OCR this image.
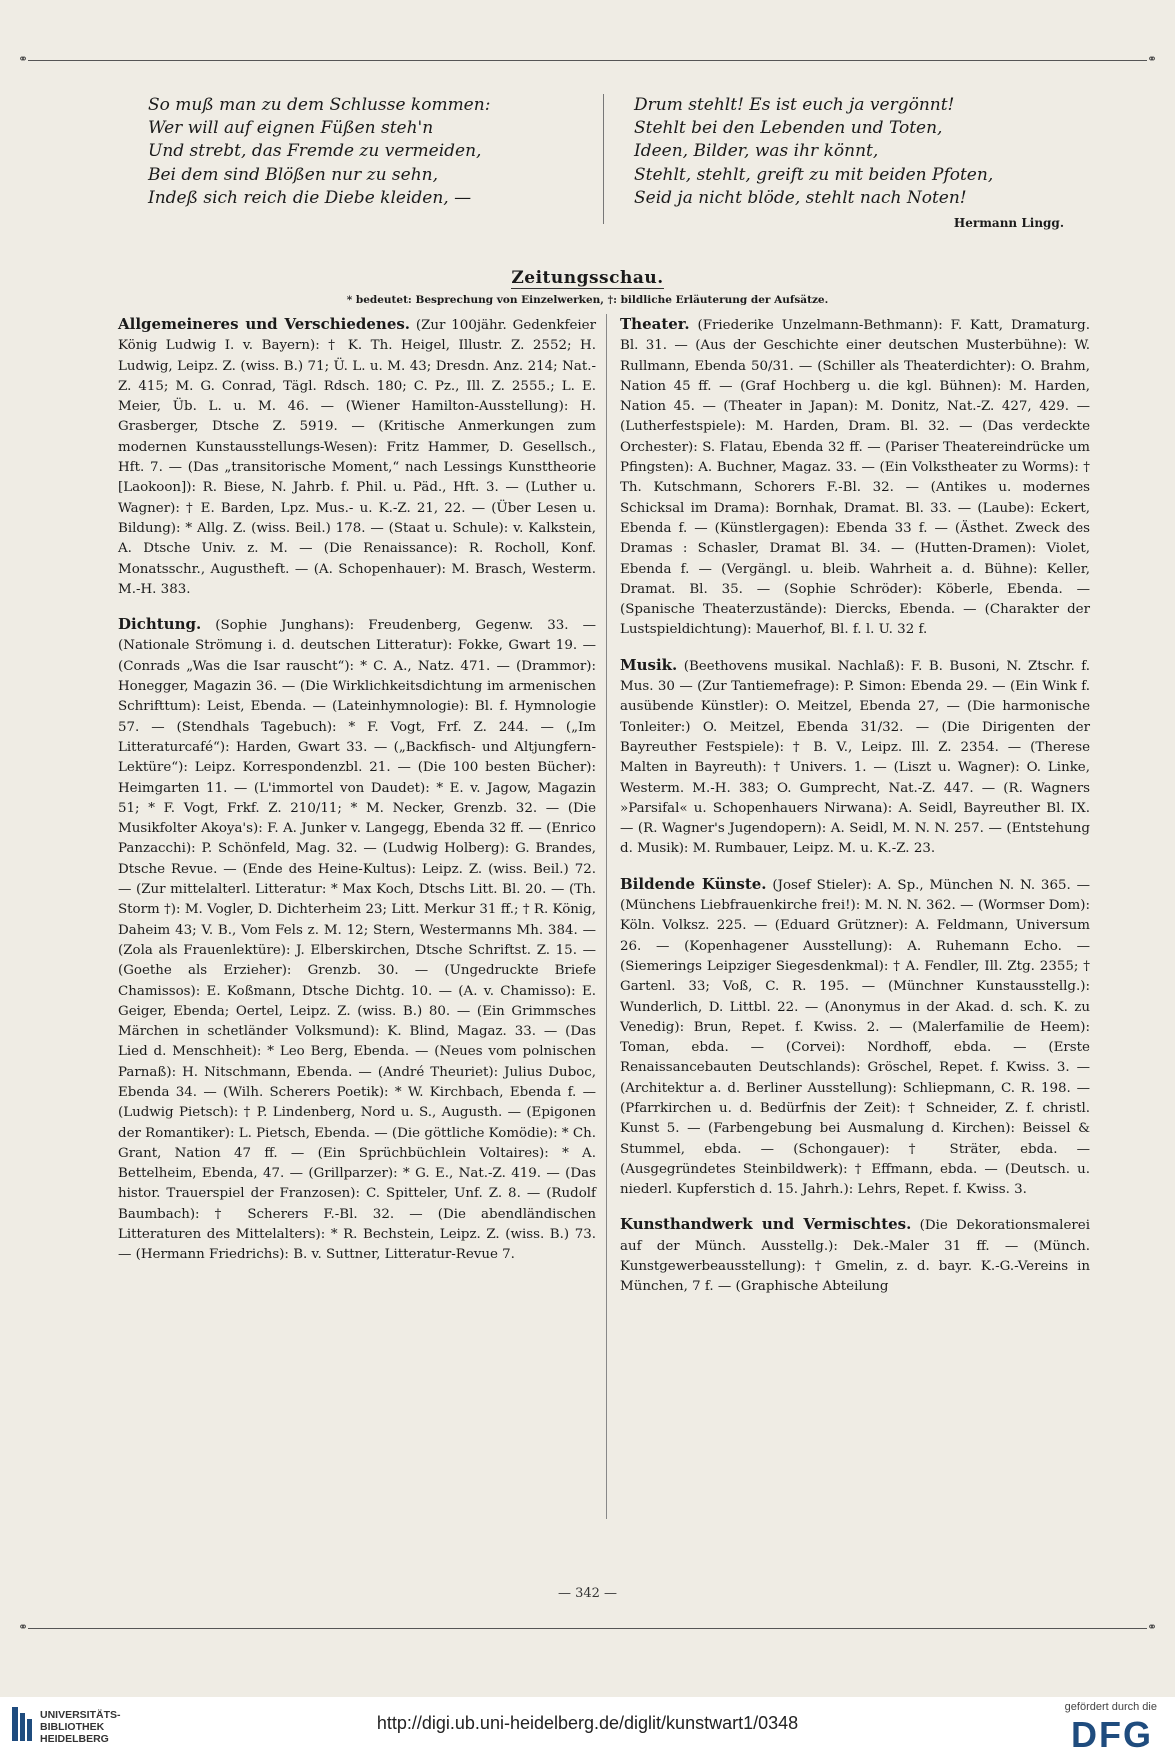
⚭	⚭
So muß man zu dem Schlusse kommen:
Wer will auf eignen Füßen steh'n
Und strebt, das Fremde zu vermeiden,
Bei dem sind Blößen nur zu sehn,
Indeß sich reich die Diebe kleiden, —
Drum stehlt! Es ist euch ja vergönnt!
Stehlt bei den Lebenden und Toten,
Ideen, Bilder, was ihr könnt,
Stehlt, stehlt, greift zu mit beiden Pfoten,
Seid ja nicht blöde, stehlt nach Noten!
Hermann Lingg.
Zeitungsschau.
* bedeutet: Besprechung von Einzelwerken, †: bildliche Erläuterung der Aufsätze.

Allgemeineres und Verschiedenes. (Zur 100jähr. Gedenkfeier König Ludwig I. v. Bayern): † K. Th. Heigel, Illustr. Z. 2552; H. Ludwig, Leipz. Z. (wiss. B.) 71; Ü. L. u. M. 43; Dresdn. Anz. 214; Nat.-Z. 415; M. G. Conrad, Tägl. Rdsch. 180; C. Pz., Ill. Z. 2555.; L. E. Meier, Üb. L. u. M. 46. — (Wiener Hamilton-Ausstellung): H. Grasberger, Dtsche Z. 5919. — (Kritische Anmerkungen zum modernen Kunstausstellungs-Wesen): Fritz Hammer, D. Gesellsch., Hft. 7. — (Das „transitorische Moment,“ nach Lessings Kunsttheorie [Laokoon]): R. Biese, N. Jahrb. f. Phil. u. Päd., Hft. 3. — (Luther u. Wagner): † E. Barden, Lpz. Mus.- u. K.-Z. 21, 22. — (Über Lesen u. Bildung): * Allg. Z. (wiss. Beil.) 178. — (Staat u. Schule): v. Kalkstein, A. Dtsche Univ. z. M. — (Die Renaissance): R. Rocholl, Konf. Monatsschr., Augustheft. — (A. Schopenhauer): M. Brasch, Westerm. M.-H. 383.

Dichtung. (Sophie Junghans): Freudenberg, Gegenw. 33. — (Nationale Strömung i. d. deutschen Litteratur): Fokke, Gwart 19. — (Conrads „Was die Isar rauscht“): * C. A., Natz. 471. — (Drammor): Honegger, Magazin 36. — (Die Wirklichkeitsdichtung im armenischen Schrifttum): Leist, Ebenda. — (Lateinhymnologie): Bl. f. Hymnologie 57. — (Stendhals Tagebuch): * F. Vogt, Frf. Z. 244. — („Im Litteraturcafé“): Harden, Gwart 33. — („Backfisch- und Altjungfern-Lektüre“): Leipz. Korrespondenzbl. 21. — (Die 100 besten Bücher): Heimgarten 11. — (L'immortel von Daudet): * E. v. Jagow, Magazin 51; * F. Vogt, Frkf. Z. 210/11; * M. Necker, Grenzb. 32. — (Die Musikfolter Akoya's): F. A. Junker v. Langegg, Ebenda 32 ff. — (Enrico Panzacchi): P. Schönfeld, Mag. 32. — (Ludwig Holberg): G. Brandes, Dtsche Revue. — (Ende des Heine-Kultus): Leipz. Z. (wiss. Beil.) 72. — (Zur mittelalterl. Litteratur: * Max Koch, Dtschs Litt. Bl. 20. — (Th. Storm †): M. Vogler, D. Dichterheim 23; Litt. Merkur 31 ff.; † R. König, Daheim 43; V. B., Vom Fels z. M. 12; Stern, Westermanns Mh. 384. — (Zola als Frauenlektüre): J. Elberskirchen, Dtsche Schriftst. Z. 15. — (Goethe als Erzieher): Grenzb. 30. — (Ungedruckte Briefe Chamissos): E. Koßmann, Dtsche Dichtg. 10. — (A. v. Chamisso): E. Geiger, Ebenda; Oertel, Leipz. Z. (wiss. B.) 80. — (Ein Grimmsches Märchen in schetländer Volksmund): K. Blind, Magaz. 33. — (Das Lied d. Menschheit): * Leo Berg, Ebenda. — (Neues vom polnischen Parnaß): H. Nitschmann, Ebenda. — (André Theuriet): Julius Duboc, Ebenda 34. — (Wilh. Scherers Poetik): * W. Kirchbach, Ebenda f. — (Ludwig Pietsch): † P. Lindenberg, Nord u. S., Augusth. — (Epigonen der Romantiker): L. Pietsch, Ebenda. — (Die göttliche Komödie): * Ch. Grant, Nation 47 ff. — (Ein Sprüchbüchlein Voltaires): * A. Bettelheim, Ebenda, 47. — (Grillparzer): * G. E., Nat.-Z. 419. — (Das histor. Trauerspiel der Franzosen): C. Spitteler, Unf. Z. 8. — (Rudolf Baumbach): † Scherers F.-Bl. 32. — (Die abendländischen Litteraturen des Mittelalters): * R. Bechstein, Leipz. Z. (wiss. B.) 73. — (Hermann Friedrichs): B. v. Suttner, Litteratur-Revue 7.

Theater. (Friederike Unzelmann-Bethmann): F. Katt, Dramaturg. Bl. 31. — (Aus der Geschichte einer deutschen Musterbühne): W. Rullmann, Ebenda 50/31. — (Schiller als Theaterdichter): O. Brahm, Nation 45 ff. — (Graf Hochberg u. die kgl. Bühnen): M. Harden, Nation 45. — (Theater in Japan): M. Donitz, Nat.-Z. 427, 429. — (Lutherfestspiele): M. Harden, Dram. Bl. 32. — (Das verdeckte Orchester): S. Flatau, Ebenda 32 ff. — (Pariser Theatereindrücke um Pfingsten): A. Buchner, Magaz. 33. — (Ein Volkstheater zu Worms): † Th. Kutschmann, Schorers F.-Bl. 32. — (Antikes u. modernes Schicksal im Drama): Bornhak, Dramat. Bl. 33. — (Laube): Eckert, Ebenda f. — (Künstlergagen): Ebenda 33 f. — (Ästhet. Zweck des Dramas : Schasler, Dramat Bl. 34. — (Hutten-Dramen): Violet, Ebenda f. — (Vergängl. u. bleib. Wahrheit a. d. Bühne): Keller, Dramat. Bl. 35. — (Sophie Schröder): Köberle, Ebenda. — (Spanische Theaterzustände): Diercks, Ebenda. — (Charakter der Lustspieldichtung): Mauerhof, Bl. f. l. U. 32 f.

Musik. (Beethovens musikal. Nachlaß): F. B. Busoni, N. Ztschr. f. Mus. 30 — (Zur Tantiemefrage): P. Simon: Ebenda 29. — (Ein Wink f. ausübende Künstler): O. Meitzel, Ebenda 27, — (Die harmonische Tonleiter:) O. Meitzel, Ebenda 31/32. — (Die Dirigenten der Bayreuther Festspiele): † B. V., Leipz. Ill. Z. 2354. — (Therese Malten in Bayreuth): † Univers. 1. — (Liszt u. Wagner): O. Linke, Westerm. M.-H. 383; O. Gumprecht, Nat.-Z. 447. — (R. Wagners »Parsifal« u. Schopenhauers Nirwana): A. Seidl, Bayreuther Bl. IX. — (R. Wagner's Jugendopern): A. Seidl, M. N. N. 257. — (Entstehung d. Musik): M. Rumbauer, Leipz. M. u. K.-Z. 23.

Bildende Künste. (Josef Stieler): A. Sp., München N. N. 365. — (Münchens Liebfrauenkirche frei!): M. N. N. 362. — (Wormser Dom): Köln. Volksz. 225. — (Eduard Grützner): A. Feldmann, Universum 26. — (Kopenhagener Ausstellung): A. Ruhemann Echo. — (Siemerings Leipziger Siegesdenkmal): † A. Fendler, Ill. Ztg. 2355; † Gartenl. 33; Voß, C. R. 195. — (Münchner Kunstausstellg.): Wunderlich, D. Littbl. 22. — (Anonymus in der Akad. d. sch. K. zu Venedig): Brun, Repet. f. Kwiss. 2. — (Malerfamilie de Heem): Toman, ebda. — (Corvei): Nordhoff, ebda. — (Erste Renaissancebauten Deutschlands): Gröschel, Repet. f. Kwiss. 3. — (Architektur a. d. Berliner Ausstellung): Schliepmann, C. R. 198. — (Pfarrkirchen u. d. Bedürfnis der Zeit): † Schneider, Z. f. christl. Kunst 5. — (Farbengebung bei Ausmalung d. Kirchen): Beissel & Stummel, ebda. — (Schongauer): † Sträter, ebda. — (Ausgegründetes Steinbildwerk): † Effmann, ebda. — (Deutsch. u. niederl. Kupferstich d. 15. Jahrh.): Lehrs, Repet. f. Kwiss. 3.

Kunsthandwerk und Vermischtes. (Die Dekorationsmalerei auf der Münch. Ausstellg.): Dek.-Maler 31 ff. — (Münch. Kunstgewerbeausstellung): † Gmelin, z. d. bayr. K.-G.-Vereins in München, 7 f. — (Graphische Abteilung

— 342 —
⚭	⚭
UNIVERSITÄTS-
BIBLIOTHEK
HEIDELBERG
http://digi.ub.uni-heidelberg.de/diglit/kunstwart1/0348
gefördert durch die
DFG
